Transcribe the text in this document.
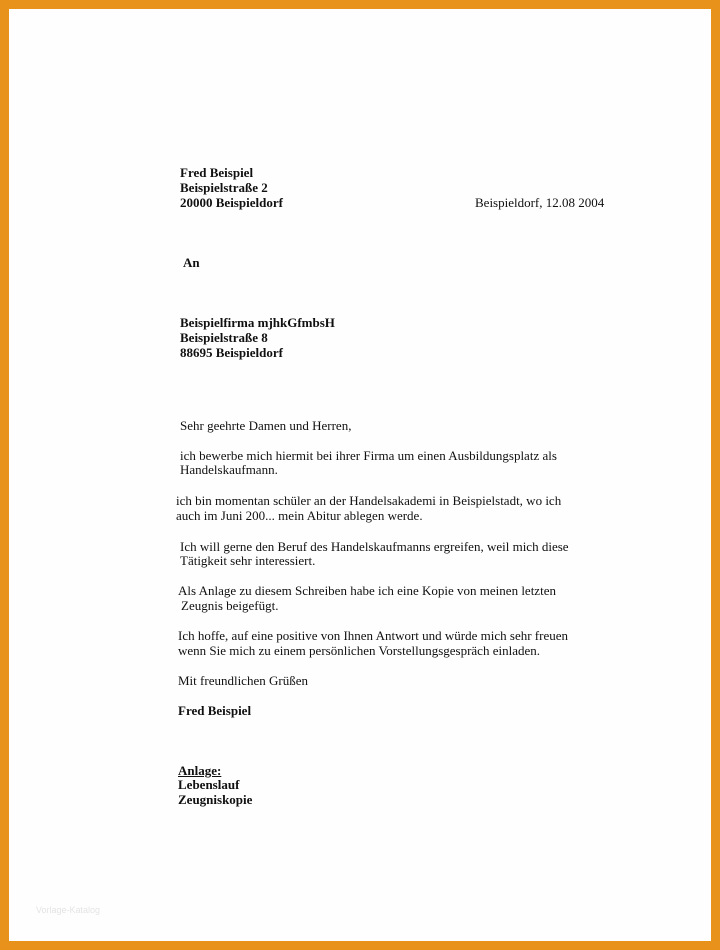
Fred Beispiel

Beispielstraße 2

20000 Beispieldorf	Beispieldorf, 12.08 2004

An

Beispielfirma mjhkGfmbsH

Beispielstraße 8

88695 Beispieldorf

Sehr geehrte Damen und Herren,

ich bewerbe mich hiermit bei ihrer Firma um einen Ausbildungsplatz als

Handelskaufmann.

ich bin momentan schüler an der Handelsakademi in Beispielstadt, wo ich

auch im Juni 200... mein Abitur ablegen werde.

Ich will gerne den Beruf des Handelskaufmanns ergreifen, weil mich diese

Tätigkeit sehr interessiert.

Als Anlage zu diesem Schreiben habe ich eine Kopie von meinen letzten

Zeugnis beigefügt.

Ich hoffe, auf eine positive von Ihnen Antwort und würde mich sehr freuen

wenn Sie mich zu einem persönlichen Vorstellungsgespräch einladen.

Mit freundlichen Grüßen

Fred Beispiel

Anlage:

Lebenslauf

Zeugniskopie

Vorlage-Katalog
